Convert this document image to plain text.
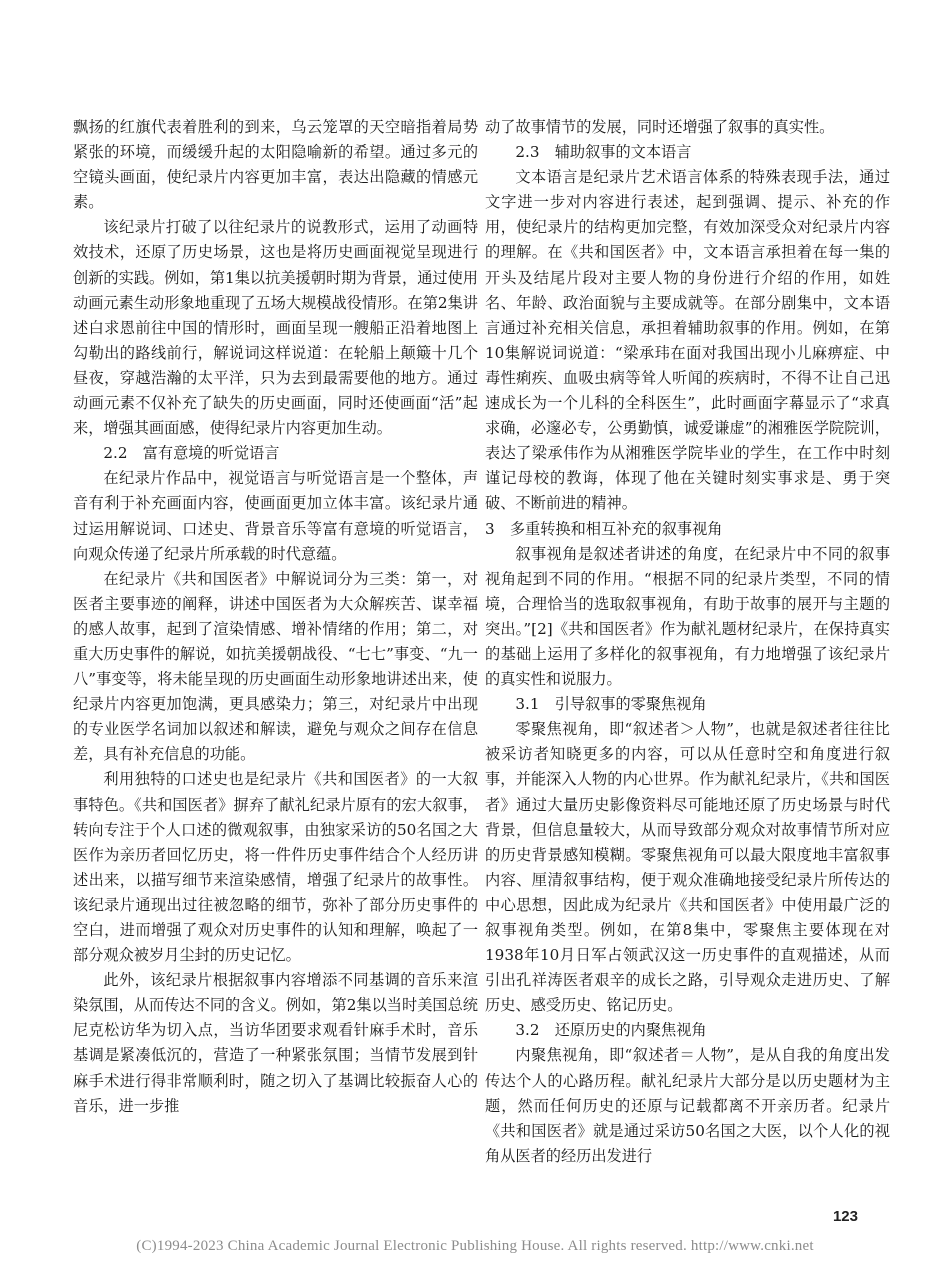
飘扬的红旗代表着胜利的到来，乌云笼罩的天空暗指着局势紧张的环境，而缓缓升起的太阳隐喻新的希望。通过多元的空镜头画面，使纪录片内容更加丰富，表达出隐藏的情感元素。

该纪录片打破了以往纪录片的说教形式，运用了动画特效技术，还原了历史场景，这也是将历史画面视觉呈现进行创新的实践。例如，第1集以抗美援朝时期为背景，通过使用动画元素生动形象地重现了五场大规模战役情形。在第2集讲述白求恩前往中国的情形时，画面呈现一艘船正沿着地图上勾勒出的路线前行，解说词这样说道：在轮船上颠簸十几个昼夜，穿越浩瀚的太平洋，只为去到最需要他的地方。通过动画元素不仅补充了缺失的历史画面，同时还使画面“活”起来，增强其画面感，使得纪录片内容更加生动。

2.2　富有意境的听觉语言

在纪录片作品中，视觉语言与听觉语言是一个整体，声音有利于补充画面内容，使画面更加立体丰富。该纪录片通过运用解说词、口述史、背景音乐等富有意境的听觉语言，向观众传递了纪录片所承载的时代意蕴。

在纪录片《共和国医者》中解说词分为三类：第一，对医者主要事迹的阐释，讲述中国医者为大众解疾苦、谋幸福的感人故事，起到了渲染情感、增补情绪的作用；第二，对重大历史事件的解说，如抗美援朝战役、“七七”事变、“九一八”事变等，将未能呈现的历史画面生动形象地讲述出来，使纪录片内容更加饱满，更具感染力；第三，对纪录片中出现的专业医学名词加以叙述和解读，避免与观众之间存在信息差，具有补充信息的功能。

利用独特的口述史也是纪录片《共和国医者》的一大叙事特色。《共和国医者》摒弃了献礼纪录片原有的宏大叙事，转向专注于个人口述的微观叙事，由独家采访的50名国之大医作为亲历者回忆历史，将一件件历史事件结合个人经历讲述出来，以描写细节来渲染感情，增强了纪录片的故事性。该纪录片通现出过往被忽略的细节，弥补了部分历史事件的空白，进而增强了观众对历史事件的认知和理解，唤起了一部分观众被岁月尘封的历史记忆。

此外，该纪录片根据叙事内容增添不同基调的音乐来渲染氛围，从而传达不同的含义。例如，第2集以当时美国总统尼克松访华为切入点，当访华团要求观看针麻手术时，音乐基调是紧凑低沉的，营造了一种紧张氛围；当情节发展到针麻手术进行得非常顺利时，随之切入了基调比较振奋人心的音乐，进一步推

动了故事情节的发展，同时还增强了叙事的真实性。

2.3　辅助叙事的文本语言

文本语言是纪录片艺术语言体系的特殊表现手法，通过文字进一步对内容进行表述，起到强调、提示、补充的作用，使纪录片的结构更加完整，有效加深受众对纪录片内容的理解。在《共和国医者》中，文本语言承担着在每一集的开头及结尾片段对主要人物的身份进行介绍的作用，如姓名、年龄、政治面貌与主要成就等。在部分剧集中，文本语言通过补充相关信息，承担着辅助叙事的作用。例如，在第10集解说词说道：“梁承玮在面对我国出现小儿麻痹症、中毒性痢疾、血吸虫病等耸人听闻的疾病时，不得不让自己迅速成长为一个儿科的全科医生”，此时画面字幕显示了“求真求确，必邃必专，公勇勤慎，诚爱谦虚”的湘雅医学院院训，表达了梁承伟作为从湘雅医学院毕业的学生，在工作中时刻谨记母校的教诲，体现了他在关键时刻实事求是、勇于突破、不断前进的精神。

3　多重转换和相互补充的叙事视角

叙事视角是叙述者讲述的角度，在纪录片中不同的叙事视角起到不同的作用。“根据不同的纪录片类型，不同的情境，合理恰当的选取叙事视角，有助于故事的展开与主题的突出。”[2]《共和国医者》作为献礼题材纪录片，在保持真实的基础上运用了多样化的叙事视角，有力地增强了该纪录片的真实性和说服力。

3.1　引导叙事的零聚焦视角

零聚焦视角，即“叙述者＞人物”，也就是叙述者往往比被采访者知晓更多的内容，可以从任意时空和角度进行叙事，并能深入人物的内心世界。作为献礼纪录片，《共和国医者》通过大量历史影像资料尽可能地还原了历史场景与时代背景，但信息量较大，从而导致部分观众对故事情节所对应的历史背景感知模糊。零聚焦视角可以最大限度地丰富叙事内容、厘清叙事结构，便于观众准确地接受纪录片所传达的中心思想，因此成为纪录片《共和国医者》中使用最广泛的叙事视角类型。例如，在第8集中，零聚焦主要体现在对1938年10月日军占领武汉这一历史事件的直观描述，从而引出孔祥涛医者艰辛的成长之路，引导观众走进历史、了解历史、感受历史、铭记历史。

3.2　还原历史的内聚焦视角

内聚焦视角，即“叙述者＝人物”，是从自我的角度出发传达个人的心路历程。献礼纪录片大部分是以历史题材为主题，然而任何历史的还原与记载都离不开亲历者。纪录片《共和国医者》就是通过采访50名国之大医，以个人化的视角从医者的经历出发进行

123
(C)1994-2023 China Academic Journal Electronic Publishing House. All rights reserved. http://www.cnki.net
